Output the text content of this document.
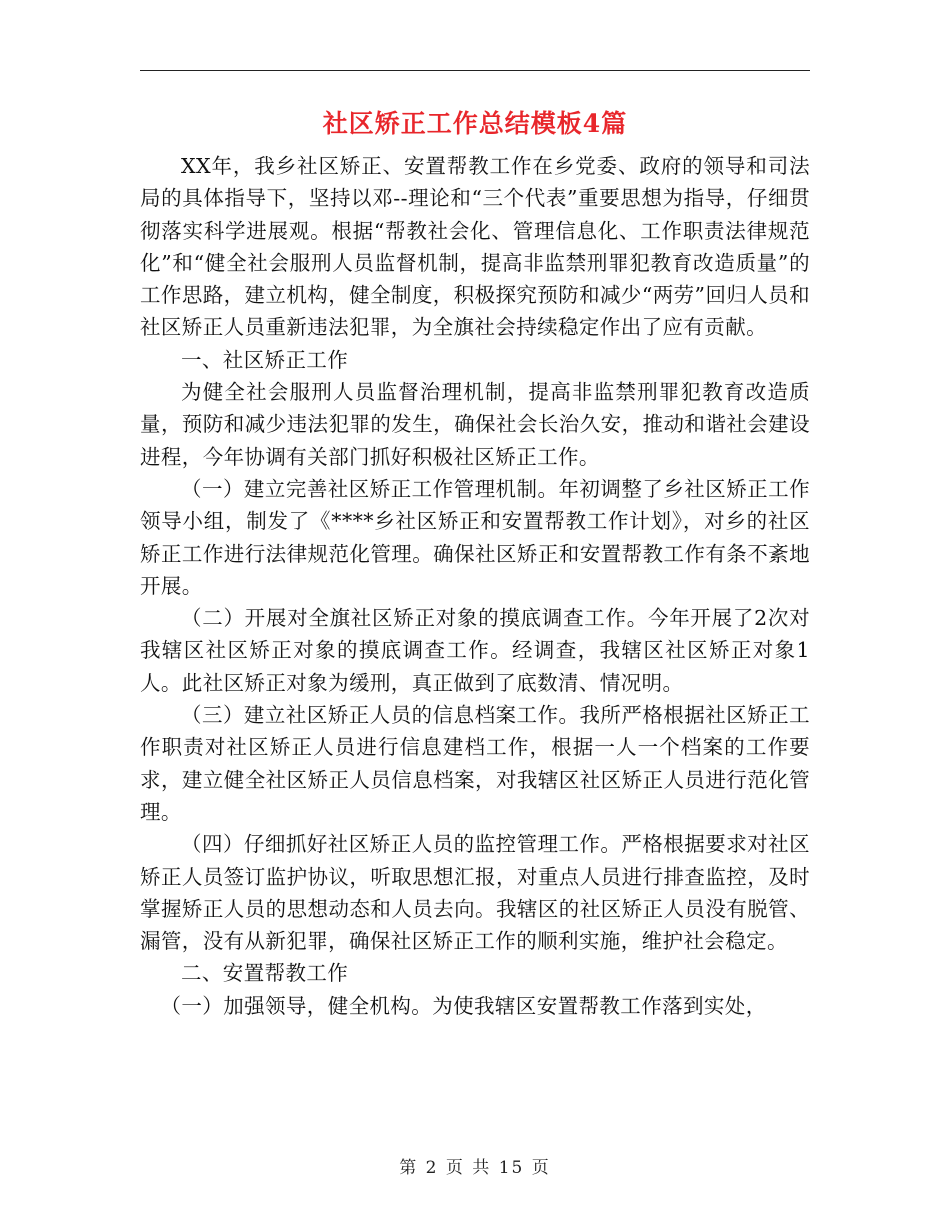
社区矫正工作总结模板4篇

XX年，我乡社区矫正、安置帮教工作在乡党委、政府的领导和司法局的具体指导下，坚持以邓--理论和“三个代表”重要思想为指导，仔细贯彻落实科学进展观。根据“帮教社会化、管理信息化、工作职责法律规范化”和“健全社会服刑人员监督机制，提高非监禁刑罪犯教育改造质量”的工作思路，建立机构，健全制度，积极探究预防和减少“两劳”回归人员和社区矫正人员重新违法犯罪，为全旗社会持续稳定作出了应有贡献。

一、社区矫正工作

为健全社会服刑人员监督治理机制，提高非监禁刑罪犯教育改造质量，预防和减少违法犯罪的发生，确保社会长治久安，推动和谐社会建设进程，今年协调有关部门抓好积极社区矫正工作。

（一）建立完善社区矫正工作管理机制。年初调整了乡社区矫正工作领导小组，制发了《****乡社区矫正和安置帮教工作计划》，对乡的社区矫正工作进行法律规范化管理。确保社区矫正和安置帮教工作有条不紊地开展。

（二）开展对全旗社区矫正对象的摸底调查工作。今年开展了2次对我辖区社区矫正对象的摸底调查工作。经调查，我辖区社区矫正对象1人。此社区矫正对象为缓刑，真正做到了底数清、情况明。

（三）建立社区矫正人员的信息档案工作。我所严格根据社区矫正工作职责对社区矫正人员进行信息建档工作，根据一人一个档案的工作要求，建立健全社区矫正人员信息档案，对我辖区社区矫正人员进行范化管理。

（四）仔细抓好社区矫正人员的监控管理工作。严格根据要求对社区矫正人员签订监护协议，听取思想汇报，对重点人员进行排查监控，及时掌握矫正人员的思想动态和人员去向。我辖区的社区矫正人员没有脱管、漏管，没有从新犯罪，确保社区矫正工作的顺利实施，维护社会稳定。

二、安置帮教工作

（一）加强领导，健全机构。为使我辖区安置帮教工作落到实处，

第 2 页 共 15 页
